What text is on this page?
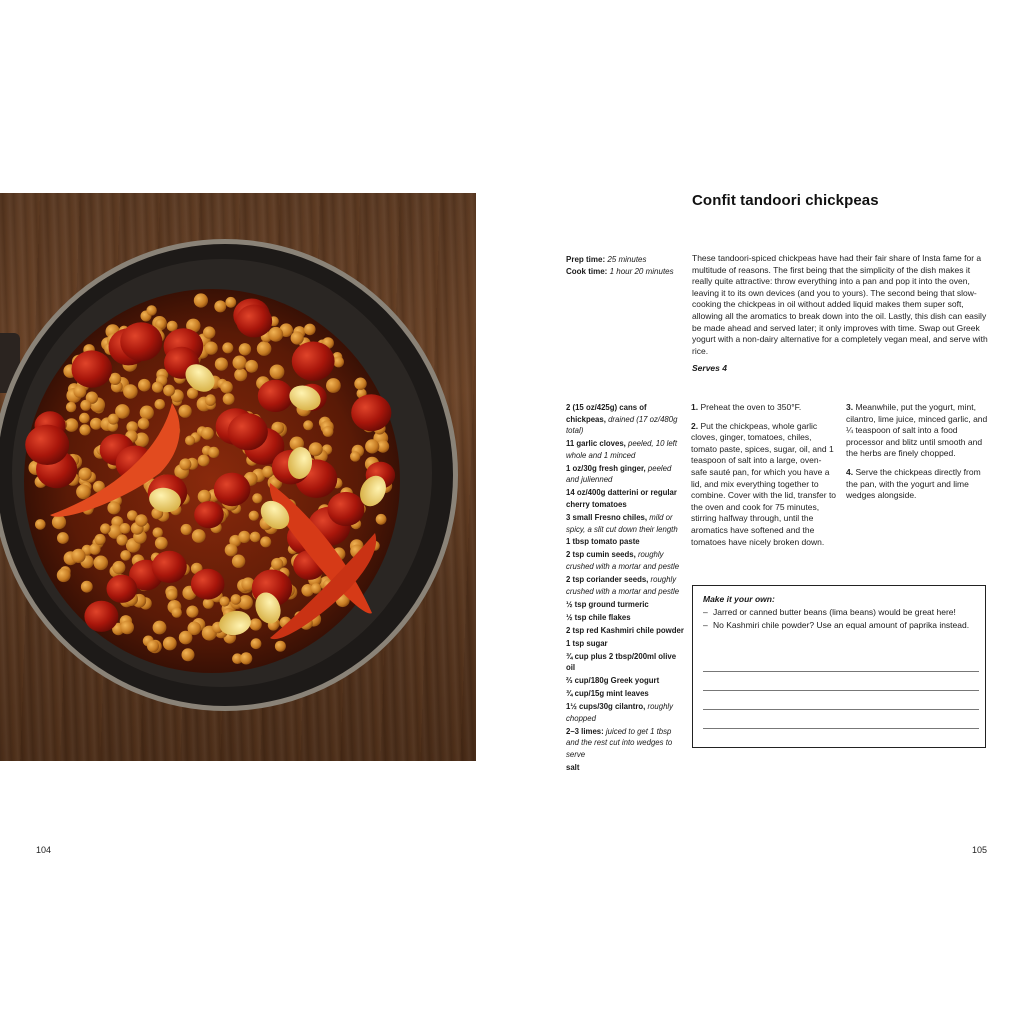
Confit tandoori chickpeas
Prep time: 25 minutes
Cook time: 1 hour 20 minutes

These tandoori-spiced chickpeas have had their fair share of Insta fame for a multitude of reasons. The first being that the simplicity of the dish makes it really quite attractive: throw everything into a pan and pop it into the oven, leaving it to its own devices (and you to yours). The second being that slow-cooking the chickpeas in oil without added liquid makes them super soft, allowing all the aromatics to break down into the oil. Lastly, this dish can easily be made ahead and served later; it only improves with time. Swap out Greek yogurt with a non-dairy alternative for a completely vegan meal, and serve with rice.

Serves 4
2 (15 oz/425g) cans of chickpeas, drained (17 oz/480g total)
11 garlic cloves, peeled, 10 left whole and 1 minced
1 oz/30g fresh ginger, peeled and julienned
14 oz/400g datterini or regular cherry tomatoes
3 small Fresno chiles, mild or spicy, a slit cut down their length
1 tbsp tomato paste
2 tsp cumin seeds, roughly crushed with a mortar and pestle
2 tsp coriander seeds, roughly crushed with a mortar and pestle
½ tsp ground turmeric
½ tsp chile flakes
2 tsp red Kashmiri chile powder
1 tsp sugar
¾ cup plus 2 tbsp/200ml olive oil
⅔ cup/180g Greek yogurt
¾ cup/15g mint leaves
1½ cups/30g cilantro, roughly chopped
2–3 limes: juiced to get 1 tbsp and the rest cut into wedges to serve
salt

1. Preheat the oven to 350°F.

2. Put the chickpeas, whole garlic cloves, ginger, tomatoes, chiles, tomato paste, spices, sugar, oil, and 1 teaspoon of salt into a large, oven-safe sauté pan, for which you have a lid, and mix everything together to combine. Cover with the lid, transfer to the oven and cook for 75 minutes, stirring halfway through, until the aromatics have softened and the tomatoes have nicely broken down.

3. Meanwhile, put the yogurt, mint, cilantro, lime juice, minced garlic, and ¼ teaspoon of salt into a food processor and blitz until smooth and the herbs are finely chopped.

4. Serve the chickpeas directly from the pan, with the yogurt and lime wedges alongside.

Make it your own:
– Jarred or canned butter beans (lima beans) would be great here!
– No Kashmiri chile powder? Use an equal amount of paprika instead.
104	105
